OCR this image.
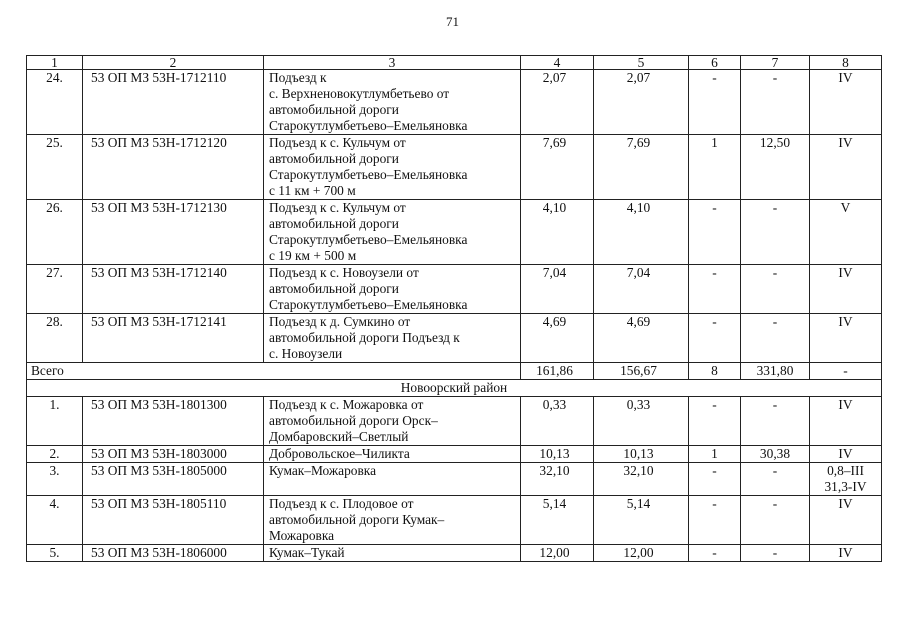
71
1	2	3	4	5	6	7	8
24.	53 ОП МЗ 53Н-1712110	Подъезд к
с. Верхненовокутлумбетьево от
автомобильной дороги
Старокутлумбетьево–Емельяновка	2,07	2,07	-	-	IV

25.	53 ОП МЗ 53Н-1712120	Подъезд к с. Кульчум от
автомобильной дороги
Старокутлумбетьево–Емельяновка
с 11 км + 700 м	7,69	7,69	1	12,50	IV

26.	53 ОП МЗ 53Н-1712130	Подъезд к с. Кульчум от
автомобильной дороги
Старокутлумбетьево–Емельяновка
с 19 км + 500 м	4,10	4,10	-	-	V

27.	53 ОП МЗ 53Н-1712140	Подъезд к с. Новоузели от
автомобильной дороги
Старокутлумбетьево–Емельяновка	7,04	7,04	-	-	IV

28.	53 ОП МЗ 53Н-1712141	Подъезд к д. Сумкино от
автомобильной дороги Подъезд к
с. Новоузели	4,69	4,69	-	-	IV

Всего			161,86	156,67	8	331,80	-
Новоорский район							
1.	53 ОП МЗ 53Н-1801300	Подъезд к с. Можаровка от
автомобильной дороги Орск–
Домбаровский–Светлый	0,33	0,33	-	-	IV

2.	53 ОП МЗ 53Н-1803000	Добровольское–Чиликта	10,13	10,13	1	30,38	IV

3.	53 ОП МЗ 53Н-1805000	Кумак–Можаровка	32,10	32,10	-	-	0,8–III
31,3-IV

4.	53 ОП МЗ 53Н-1805110	Подъезд к с. Плодовое от
автомобильной дороги Кумак–
Можаровка	5,14	5,14	-	-	IV

5.	53 ОП МЗ 53Н-1806000	Кумак–Тукай	12,00	12,00	-	-	IV
